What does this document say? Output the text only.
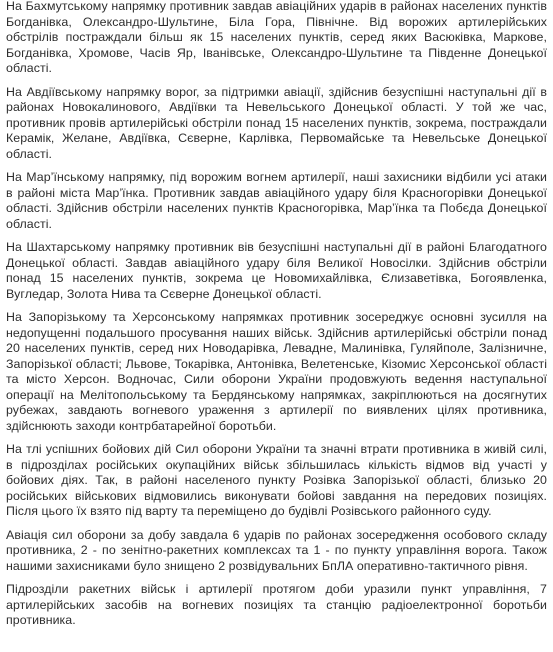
На Бахмутському напрямку противник завдав авіаційних ударів в районах населених пунктів Богданівка, Олександро-Шультине, Біла Гора, Північне. Від ворожих артилерійських обстрілів постраждали більш як 15 населених пунктів, серед яких Васюківка, Маркове, Богданівка, Хромове, Часів Яр, Іванівське, Олександро-Шультине та Південне Донецької області.

На Авдіївському напрямку ворог, за підтримки авіації, здійснив безуспішні наступальні дії в районах Новокалинового, Авдіївки та Невельського Донецької області. У той же час, противник провів артилерійські обстріли понад 15 населених пунктів, зокрема, постраждали Керамік, Желане, Авдіївка, Сєверне, Карлівка, Первомайське та Невельське Донецької області.

На Мар’їнському напрямку, під ворожим вогнем артилерії, наші захисники відбили усі атаки в районі міста Мар’їнка. Противник завдав авіаційного удару біля Красногорівки Донецької області. Здійснив обстріли населених пунктів Красногорівка, Мар’їнка та Побєда Донецької області.

На Шахтарському напрямку противник вів безуспішні наступальні дії в районі Благодатного Донецької області. Завдав авіаційного удару біля Великої Новосілки. Здійснив обстріли понад 15 населених пунктів, зокрема це Новомихайлівка, Єлизаветівка, Богоявленка, Вугледар, Золота Нива та Сєверне Донецької області.

На Запорізькому та Херсонському напрямках противник зосереджує основні зусилля на недопущенні подальшого просування наших військ. Здійснив артилерійські обстріли понад 20 населених пунктів, серед них Новодарівка, Левадне, Малинівка, Гуляйполе, Залізничне, Запорізької області; Львове, Токарівка, Антонівка, Велетенське, Кізомис Херсонської області та місто Херсон. Водночас, Сили оборони України продовжують ведення наступальної операції на Мелітопольському та Бердянському напрямках, закріплюються на досягнутих рубежах, завдають вогневого ураження з артилерії по виявлених цілях противника, здійснюють заходи контрбатарейної боротьби.

На тлі успішних бойових дій Сил оборони України та значні втрати противника в живій силі, в підрозділах російських окупаційних військ збільшилась кількість відмов від участі у бойових діях. Так, в районі населеного пункту Розівка Запорізької області, близько 20 російських військових відмовились виконувати бойові завдання на передових позиціях. Після цього їх взято під варту та переміщено до будівлі Розівського районного суду.

Авіація сил оборони за добу завдала 6 ударів по районах зосередження особового складу противника, 2 - по зенітно-ракетних комплексах та 1 - по пункту управління ворога. Також нашими захисниками було знищено 2 розвідувальних БпЛА оперативно-тактичного рівня.

Підрозділи ракетних військ і артилерії протягом доби уразили пункт управління, 7 артилерійських засобів на вогневих позиціях та станцію радіоелектронної боротьби противника.
